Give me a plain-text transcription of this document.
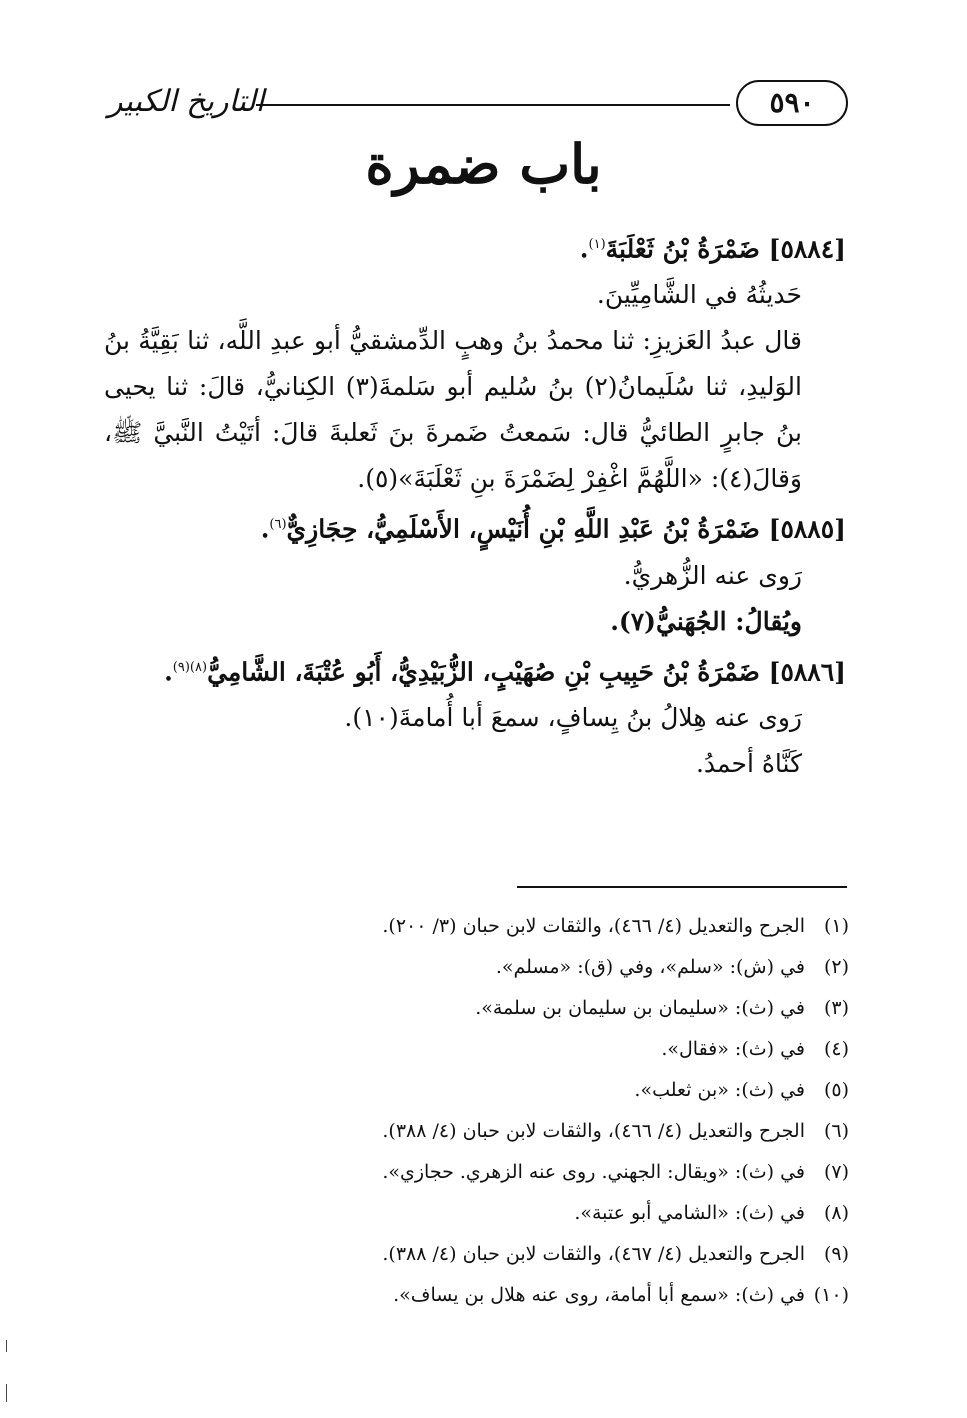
التاريخ الكبير	٥٩٠
باب ضمرة

[٥٨٨٤] ضَمْرَةُ بْنُ ثَعْلَبَةَ$^{(١)}$.

حَديثُهُ في الشَّامِيِّينَ.

قال عبدُ العَزيزِ: ثنا محمدُ بنُ وهبٍ الدِّمشقيُّ أبو عبدِ اللَّه، ثنا بَقِيَّةُ بنُ الوَليدِ، ثنا سُلَيمانُ(٢) بنُ سُليم أبو سَلمةَ(٣) الكِنانيُّ، قالَ: ثنا يحيى بنُ جابرٍ الطائيُّ قال: سَمعتُ ضَمرةَ بنَ ثَعلبةَ قالَ: أتَيْتُ النَّبيَّ ﷺ، وَقالَ(٤): «اللَّهُمَّ اغْفِرْ لِضَمْرَةَ بنِ ثَعْلَبَةَ»(٥).

[٥٨٨٥] ضَمْرَةُ بْنُ عَبْدِ اللَّهِ بْنِ أُنَيْسٍ، الأَسْلَمِيُّ، حِجَازِيٌّ$^{(٦)}$.

رَوى عنه الزُّهريُّ.

ويُقالُ: الجُهَنيُّ(٧).

[٥٨٨٦] ضَمْرَةُ بْنُ حَبِيبِ بْنِ صُهَيْبٍ، الزُّبَيْدِيُّ، أَبُو عُتْبَةَ، الشَّامِيُّ$^{(٨)(٩)}$.

رَوى عنه هِلالُ بنُ يِسافٍ، سمعَ أبا أُمامةَ(١٠).

كَنَّاهُ أحمدُ.

(١)
الجرح والتعديل (٤/ ٤٦٦)، والثقات لابن حبان (٣/ ٢٠٠).
(٢)
في (ش): «سلم»، وفي (ق): «مسلم».
(٣)
في (ث): «سليمان بن سليمان بن سلمة».
(٤)
في (ث): «فقال».
(٥)
في (ث): «بن ثعلب».
(٦)
الجرح والتعديل (٤/ ٤٦٦)، والثقات لابن حبان (٤/ ٣٨٨).
(٧)
في (ث): «ويقال: الجهني. روى عنه الزهري. حجازي».
(٨)
في (ث): «الشامي أبو عتبة».
(٩)
الجرح والتعديل (٤/ ٤٦٧)، والثقات لابن حبان (٤/ ٣٨٨).
(١٠)
في (ث): «سمع أبا أمامة، روى عنه هلال بن يساف».
